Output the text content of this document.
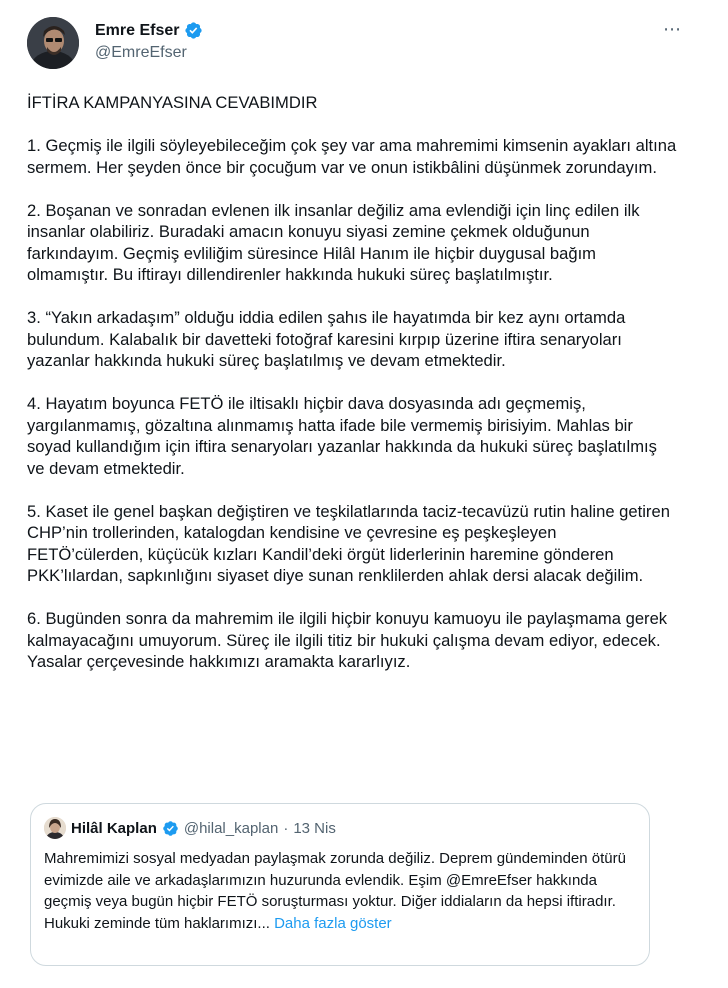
Emre Efser
@EmreEfser
⋯

İFTİRA KAMPANYASINA CEVABIMDIR

1. Geçmiş ile ilgili söyleyebileceğim çok şey var ama mahremimi kimsenin ayakları altına sermem. Her şeyden önce bir çocuğum var ve onun istikbâlini düşünmek zorundayım.

2. Boşanan ve sonradan evlenen ilk insanlar değiliz ama evlendiği için linç edilen ilk insanlar olabiliriz. Buradaki amacın konuyu siyasi zemine çekmek olduğunun farkındayım. Geçmiş evliliğim süresince Hilâl Hanım ile hiçbir duygusal bağım olmamıştır. Bu iftirayı dillendirenler hakkında hukuki süreç başlatılmıştır.

3. “Yakın arkadaşım” olduğu iddia edilen şahıs ile hayatımda bir kez aynı ortamda bulundum. Kalabalık bir davetteki fotoğraf karesini kırpıp üzerine iftira senaryoları yazanlar hakkında hukuki süreç başlatılmış ve devam etmektedir.

4. Hayatım boyunca FETÖ ile iltisaklı hiçbir dava dosyasında adı geçmemiş, yargılanmamış, gözaltına alınmamış hatta ifade bile vermemiş birisiyim. Mahlas bir soyad kullandığım için iftira senaryoları yazanlar hakkında da hukuki süreç başlatılmış ve devam etmektedir.

5. Kaset ile genel başkan değiştiren ve teşkilatlarında taciz-tecavüzü rutin haline getiren CHP’nin trollerinden, katalogdan kendisine ve çevresine eş peşkeşleyen FETÖ’cülerden, küçücük kızları Kandil’deki örgüt liderlerinin haremine gönderen PKK’lılardan, sapkınlığını siyaset diye sunan renklilerden ahlak dersi alacak değilim.

6. Bugünden sonra da mahremim ile ilgili hiçbir konuyu kamuoyu ile paylaşmama gerek kalmayacağını umuyorum. Süreç ile ilgili titiz bir hukuki çalışma devam ediyor, edecek. Yasalar çerçevesinde hakkımızı aramakta kararlıyız.

Hilâl Kaplan @hilal_kaplan · 13 Nis
Mahremimizi sosyal medyadan paylaşmak zorunda değiliz. Deprem gündeminden ötürü evimizde aile ve arkadaşlarımızın huzurunda evlendik. Eşim @EmreEfser hakkında geçmiş veya bugün hiçbir FETÖ soruşturması yoktur. Diğer iddiaların da hepsi iftiradır. Hukuki zeminde tüm haklarımızı... Daha fazla göster
